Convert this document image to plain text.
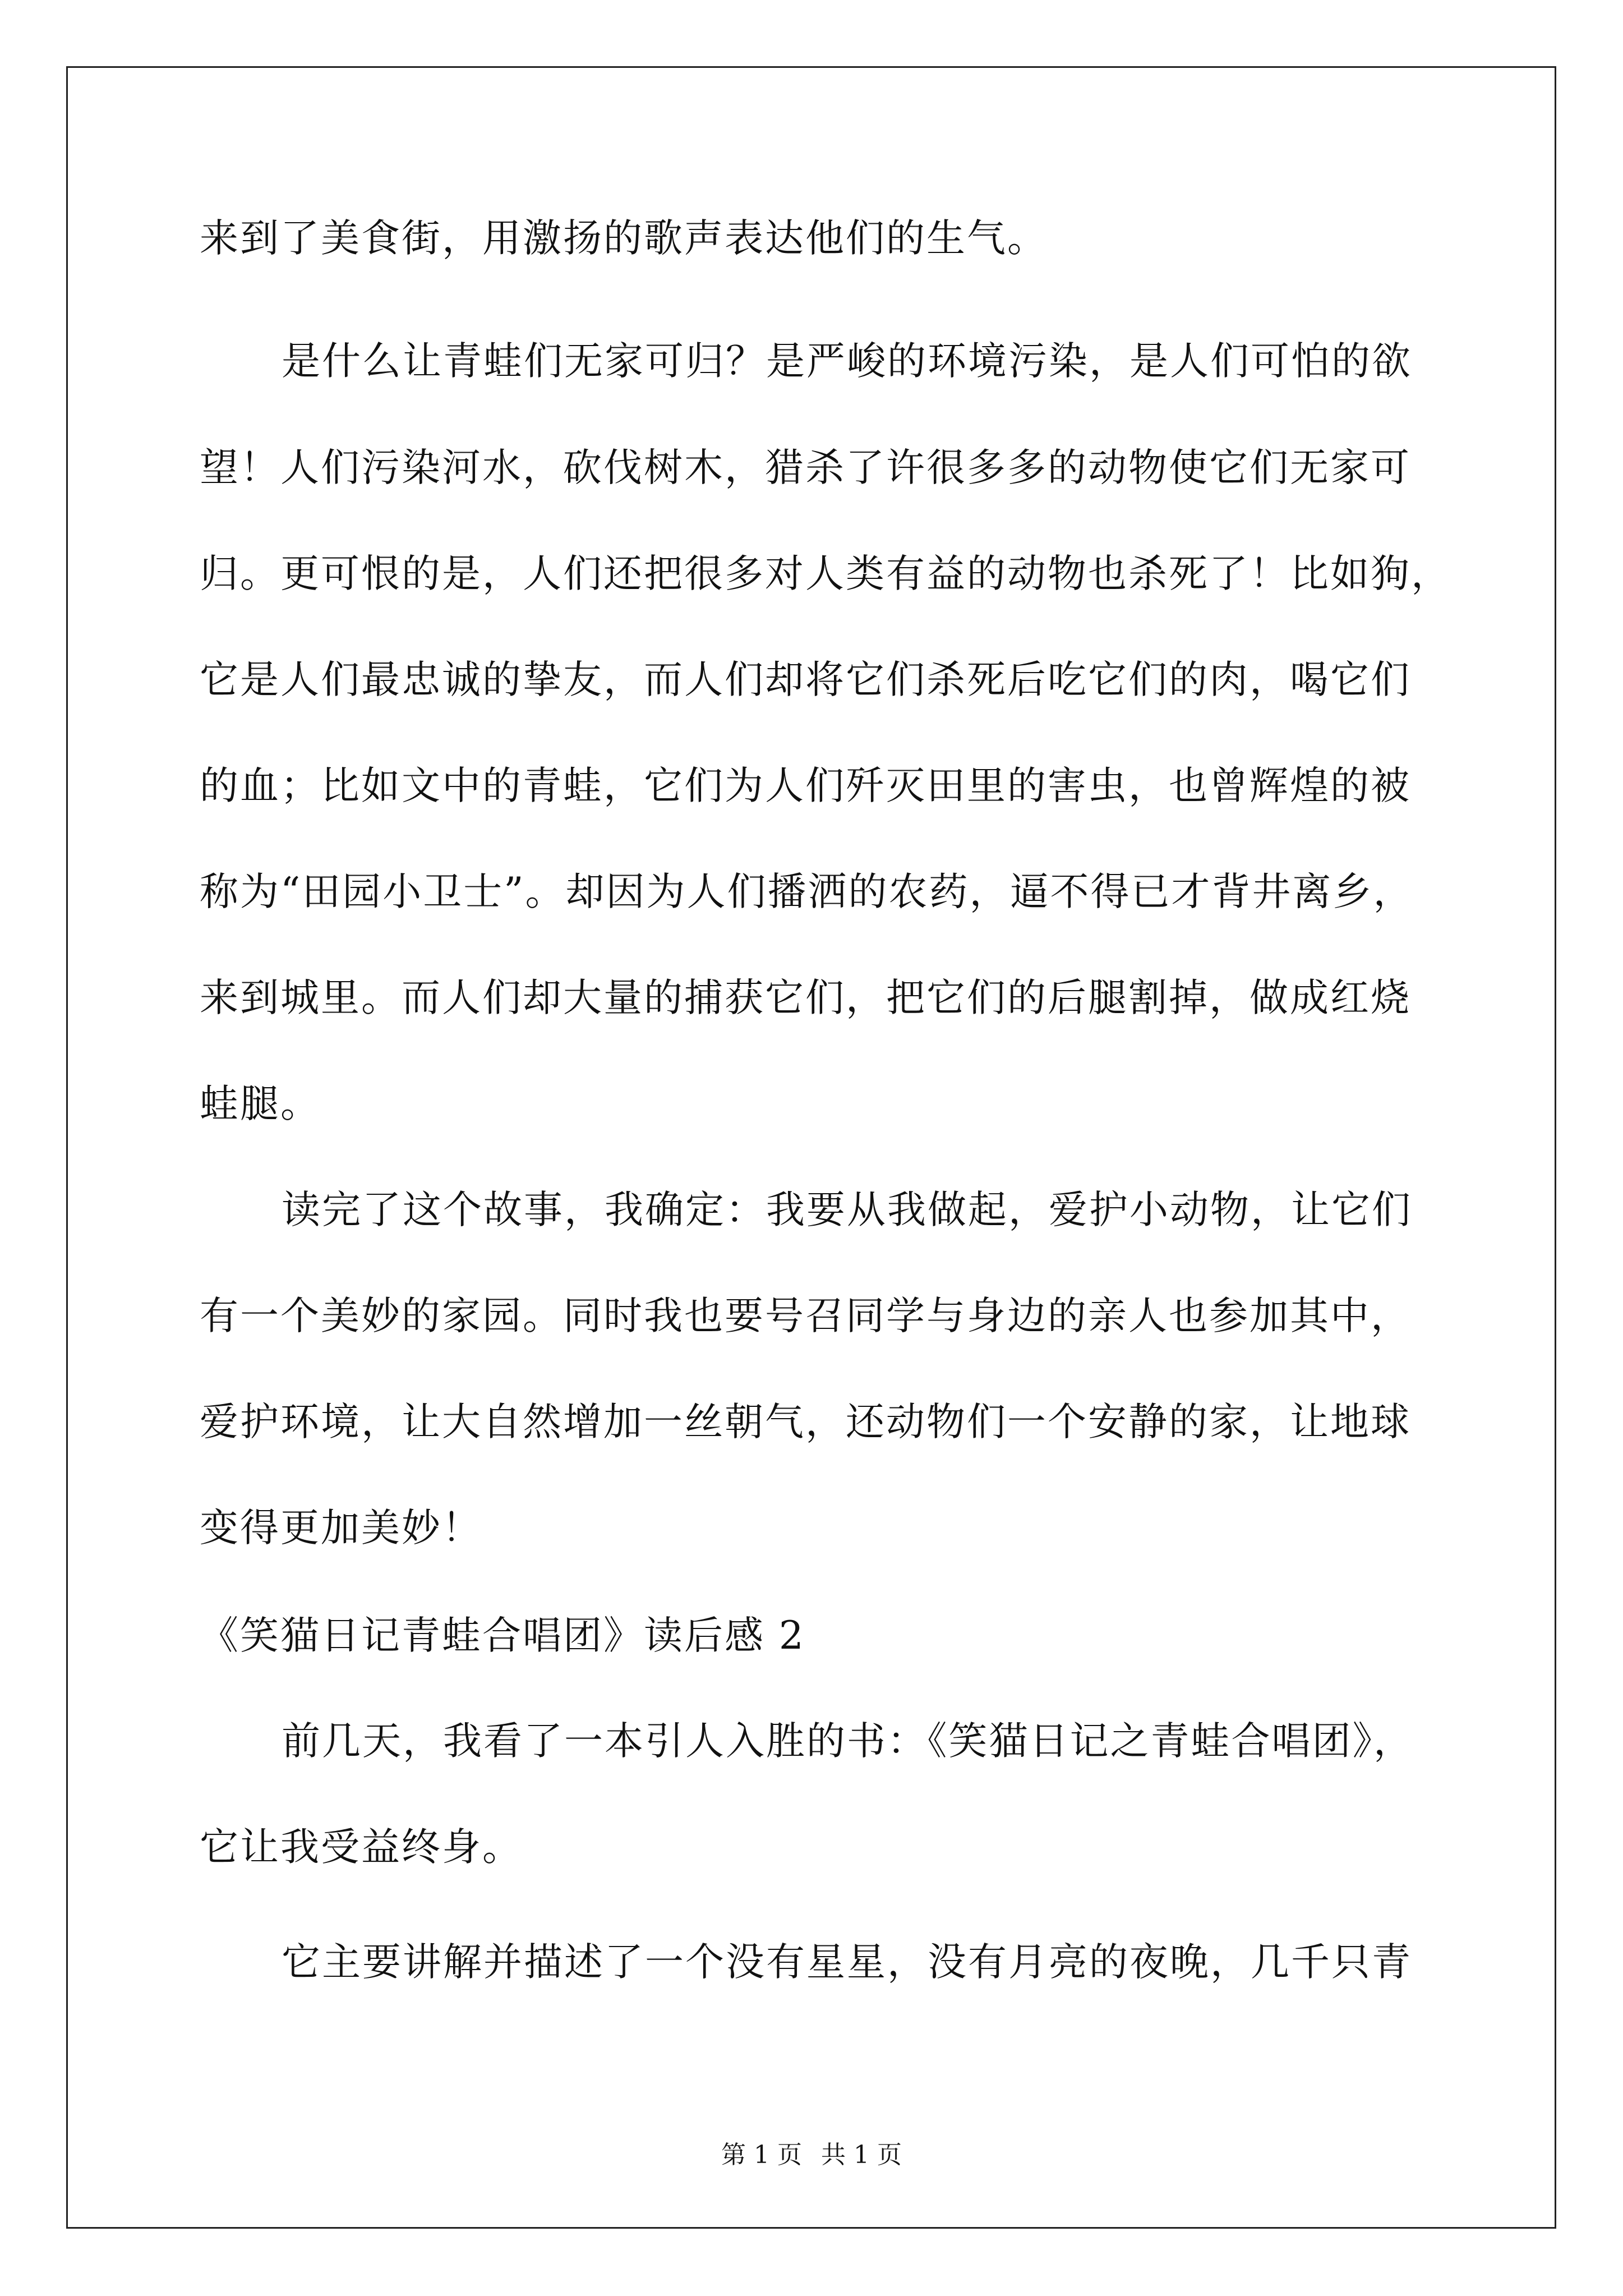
来到了美食街，用激扬的歌声表达他们的生气。
是什么让青蛙们无家可归？是严峻的环境污染，是人们可怕的欲
望！人们污染河水，砍伐树木，猎杀了许很多多的动物使它们无家可
归。更可恨的是，人们还把很多对人类有益的动物也杀死了！比如狗，
它是人们最忠诚的挚友，而人们却将它们杀死后吃它们的肉，喝它们
的血；比如文中的青蛙，它们为人们歼灭田里的害虫，也曾辉煌的被
称为“田园小卫士”。却因为人们播洒的农药，逼不得已才背井离乡，
来到城里。而人们却大量的捕获它们，把它们的后腿割掉，做成红烧
蛙腿。
读完了这个故事，我确定：我要从我做起，爱护小动物，让它们
有一个美妙的家园。同时我也要号召同学与身边的亲人也参加其中，
爱护环境，让大自然增加一丝朝气，还动物们一个安静的家，让地球
变得更加美妙！
《笑猫日记青蛙合唱团》读后感 2
前几天，我看了一本引人入胜的书：《笑猫日记之青蛙合唱团》，
它让我受益终身。
它主要讲解并描述了一个没有星星，没有月亮的夜晚，几千只青
第 1 页 共 1 页
